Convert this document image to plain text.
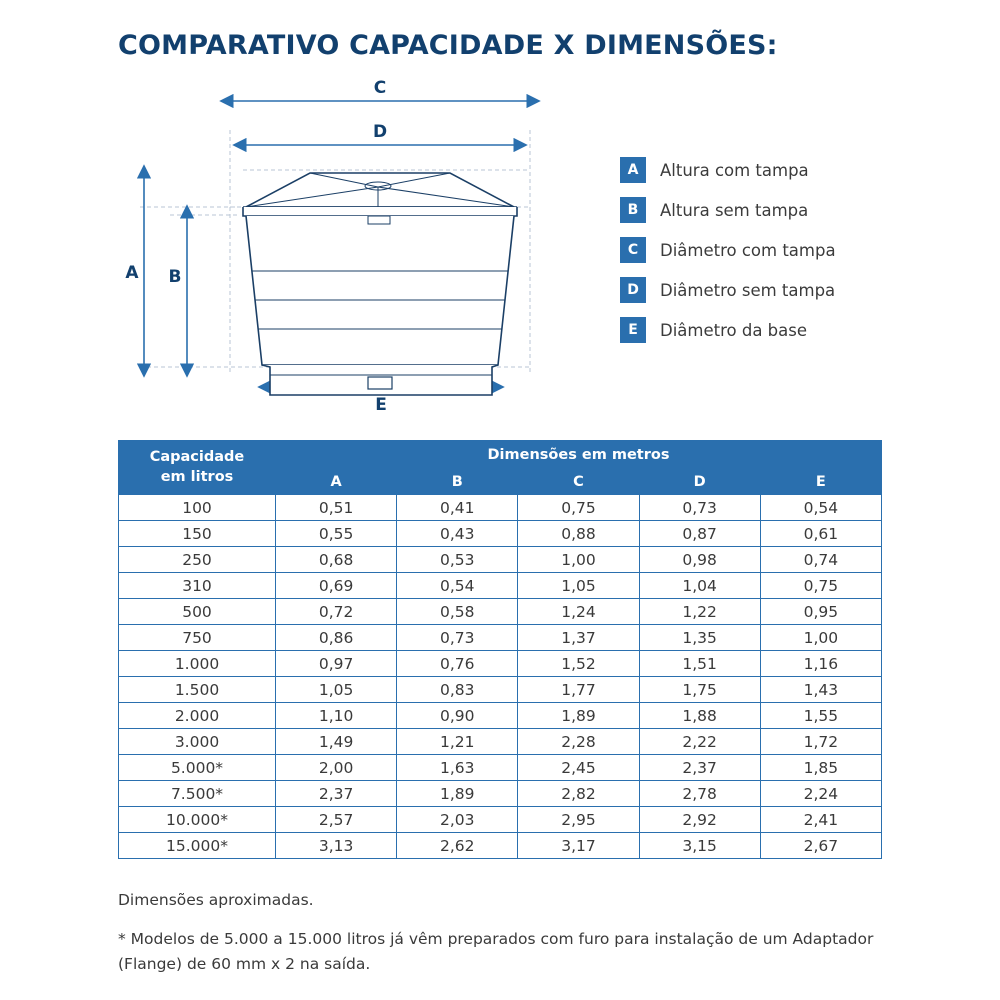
COMPARATIVO CAPACIDADE X DIMENSÕES:
C
D
A B
E
A	Altura com tampa
B	Altura sem tampa
C	Diâmetro com tampa
D	Diâmetro sem tampa
E	Diâmetro da base
Capacidade
em litros	Dimensões em metros				
	A	B	C	D	E
100	0,51	0,41	0,75	0,73	0,54
150	0,55	0,43	0,88	0,87	0,61
250	0,68	0,53	1,00	0,98	0,74
310	0,69	0,54	1,05	1,04	0,75
500	0,72	0,58	1,24	1,22	0,95
750	0,86	0,73	1,37	1,35	1,00
1.000	0,97	0,76	1,52	1,51	1,16
1.500	1,05	0,83	1,77	1,75	1,43
2.000	1,10	0,90	1,89	1,88	1,55
3.000	1,49	1,21	2,28	2,22	1,72
5.000*	2,00	1,63	2,45	2,37	1,85
7.500*	2,37	1,89	2,82	2,78	2,24
10.000*	2,57	2,03	2,95	2,92	2,41
15.000*	3,13	2,62	3,17	3,15	2,67
Dimensões aproximadas.
* Modelos de 5.000 a 15.000 litros já vêm preparados com furo para instalação de um Adaptador (Flange) de 60 mm x 2 na saída.
